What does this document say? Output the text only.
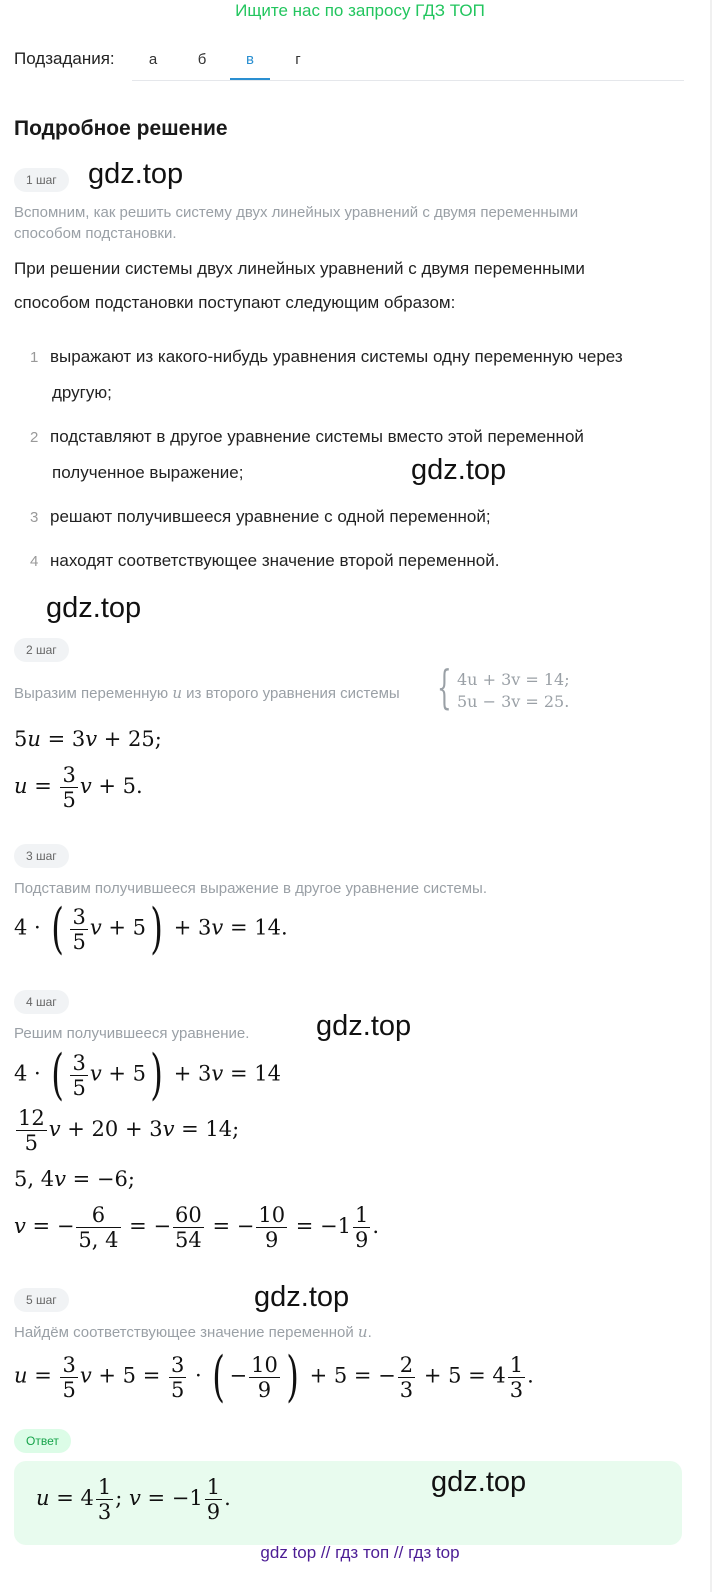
Ищите нас по запросу ГДЗ ТОП
Подзадания:	а	б	в	г
Подробное решение
1 шаг	gdz.top
Вспомним, как решить систему двух линейных уравнений с двумя переменными
способом подстановки.
При решении системы двух линейных уравнений с двумя переменными
способом подстановки поступают следующим образом:
1 выражают из какого-нибудь уравнения системы одну переменную через
другую;
2 подставляют в другое уравнение системы вместо этой переменной
полученное выражение;	gdz.top
3 решают получившееся уравнение с одной переменной;
4 находят соответствующее значение второй переменной.
gdz.top
2 шаг
Выразим переменную u из второго уравнения системы { 4u + 3v = 14;
5u − 3v = 25.
5u = 3v + 25;
$u = \frac{3}{5}$ v + 5.
3 шаг
Подставим получившееся выражение в другое уравнение системы.
4 · ( $\frac{3}{5}$ v + 5) + 3v = 14.
4 шаг
Решим получившееся уравнение. gdz.top
4 · ( $\frac{3}{5}$ v + 5) + 3v = 14
$\frac{12}{5}$ v + 20 + 3v = 14;
5, 4v = −6;
v = − $\frac{6}{5, 4}$ = − $\frac{60}{54}$ = − $\frac{10}{9} = -1 \frac{1}{9}$ .
5 шаг	gdz.top
Найдём соответствующее значение переменной u.
$u = \frac{3}{5}$ $v + 5 = \frac{3}{5}$ · ( − $\frac{10}{9}$ ) + 5 = − $\frac{2}{3} + 5 = 4 \frac{1}{3}$ .
Ответ
$u = 4 \frac{1}{3}$ ; $v = -1 \frac{1}{9}$ .	gdz.top
gdz top // гдз топ // гдз top
